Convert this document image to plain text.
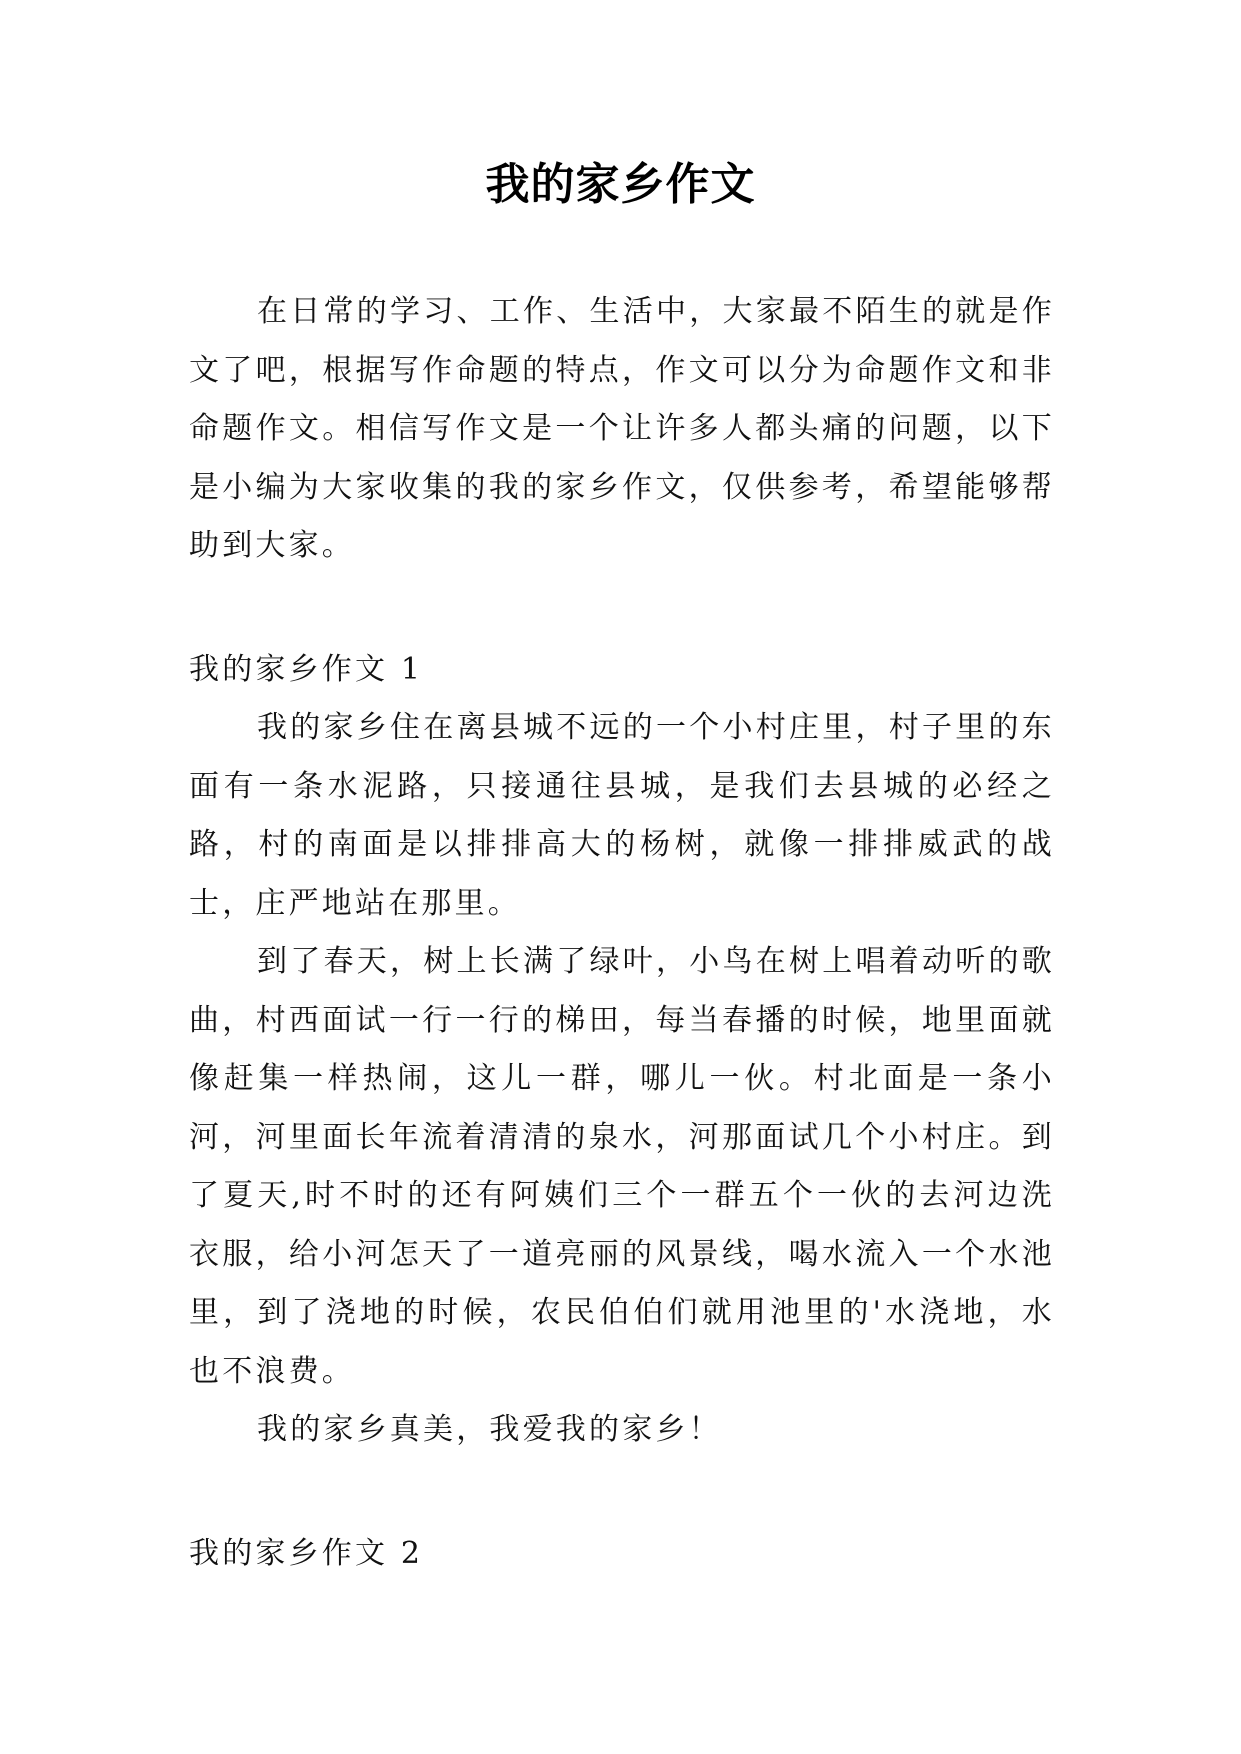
我的家乡作文

在日常的学习、工作、生活中，大家最不陌生的就是作文了吧，根据写作命题的特点，作文可以分为命题作文和非命题作文。相信写作文是一个让许多人都头痛的问题，以下是小编为大家收集的我的家乡作文，仅供参考，希望能够帮助到大家。

我的家乡作文 1

我的家乡住在离县城不远的一个小村庄里，村子里的东面有一条水泥路，只接通往县城，是我们去县城的必经之路，村的南面是以排排高大的杨树，就像一排排威武的战士，庄严地站在那里。

到了春天，树上长满了绿叶，小鸟在树上唱着动听的歌曲，村西面试一行一行的梯田，每当春播的时候，地里面就像赶集一样热闹，这儿一群，哪儿一伙。村北面是一条小河，河里面长年流着清清的泉水，河那面试几个小村庄。到了夏天,时不时的还有阿姨们三个一群五个一伙的去河边洗衣服，给小河怎天了一道亮丽的风景线，喝水流入一个水池里，到了浇地的时候，农民伯伯们就用池里的'水浇地，水也不浪费。

我的家乡真美，我爱我的家乡！

我的家乡作文 2
